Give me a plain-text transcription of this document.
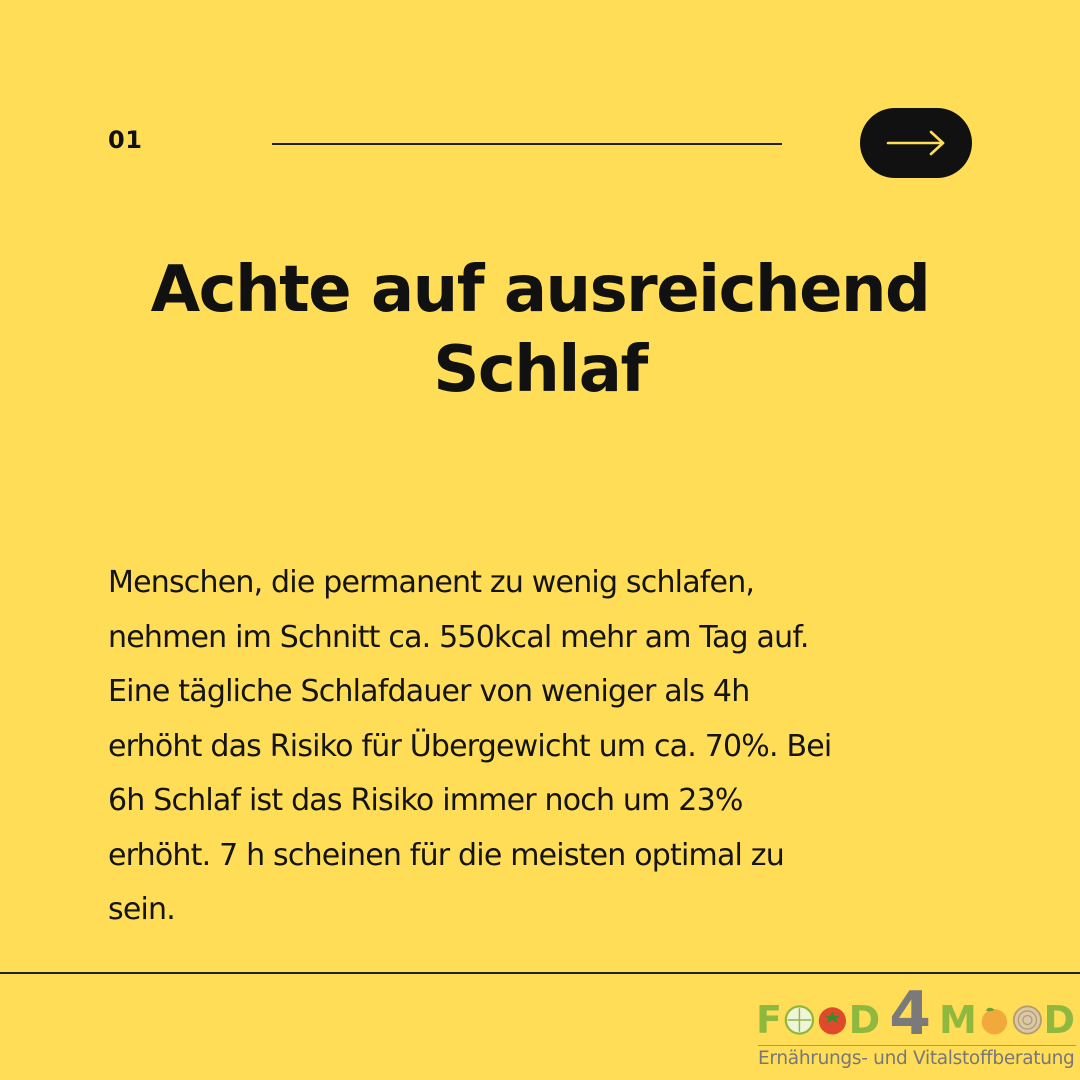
01
Achte auf ausreichend
Schlaf

Menschen, die permanent zu wenig schlafen,
nehmen im Schnitt ca. 550kcal mehr am Tag auf.
Eine tägliche Schlafdauer von weniger als 4h
erhöht das Risiko für Übergewicht um ca. 70%. Bei
6h Schlaf ist das Risiko immer noch um 23%
erhöht. 7 h scheinen für die meisten optimal zu
sein.

F D 4 M D
Ernährungs- und Vitalstoffberatung
